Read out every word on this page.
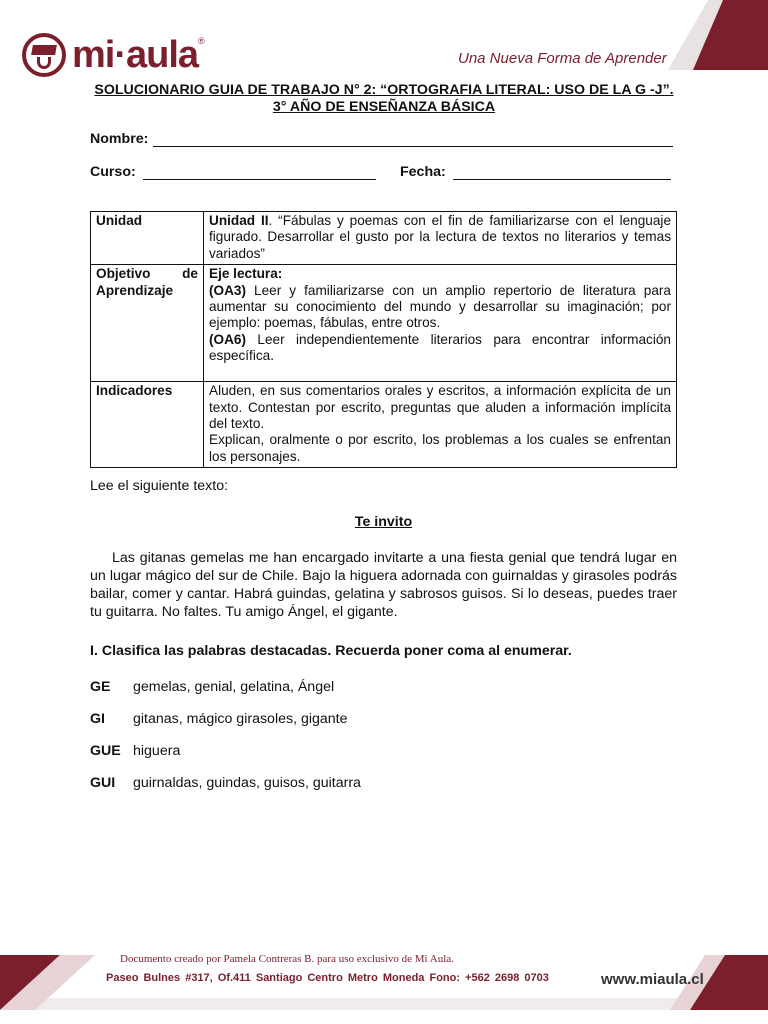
mi·aula ®
Una Nueva Forma de Aprender
SOLUCIONARIO GUIA DE TRABAJO N° 2: “ORTOGRAFIA LITERAL: USO DE LA G -J”. 3° AÑO DE ENSEÑANZA BÁSICA
Nombre:
Curso:	Fecha:
Unidad	Unidad II. “Fábulas y poemas con el fin de familiarizarse con el lenguaje figurado. Desarrollar el gusto por la lectura de textos no literarios y temas variados”

Objetivo de Aprendizaje	Eje lectura:
(OA3) Leer y familiarizarse con un amplio repertorio de literatura para aumentar su conocimiento del mundo y desarrollar su imaginación; por ejemplo: poemas, fábulas, entre otros.
(OA6) Leer independientemente literarios para encontrar información específica.
Indicadores	Aluden, en sus comentarios orales y escritos, a información explícita de un texto. Contestan por escrito, preguntas que aluden a información implícita del texto.
Explican, oralmente o por escrito, los problemas a los cuales se enfrentan los personajes.
Lee el siguiente texto:
Te invito
Las gitanas gemelas me han encargado invitarte a una fiesta genial que tendrá lugar en un lugar mágico del sur de Chile. Bajo la higuera adornada con guirnaldas y girasoles podrás bailar, comer y cantar. Habrá guindas, gelatina y sabrosos guisos. Si lo deseas, puedes traer tu guitarra. No faltes. Tu amigo Ángel, el gigante.
I. Clasifica las palabras destacadas. Recuerda poner coma al enumerar.
GE gemelas, genial, gelatina, Ángel
GI gitanas, mágico girasoles, gigante
GUE higuera
GUI guirnaldas, guindas, guisos, guitarra
Documento creado por Pamela Contreras B. para uso exclusivo de Mi Aula.
Paseo Bulnes #317, Of.411 Santiago Centro Metro Moneda Fono: +562 2698 0703	www.miaula.cl
